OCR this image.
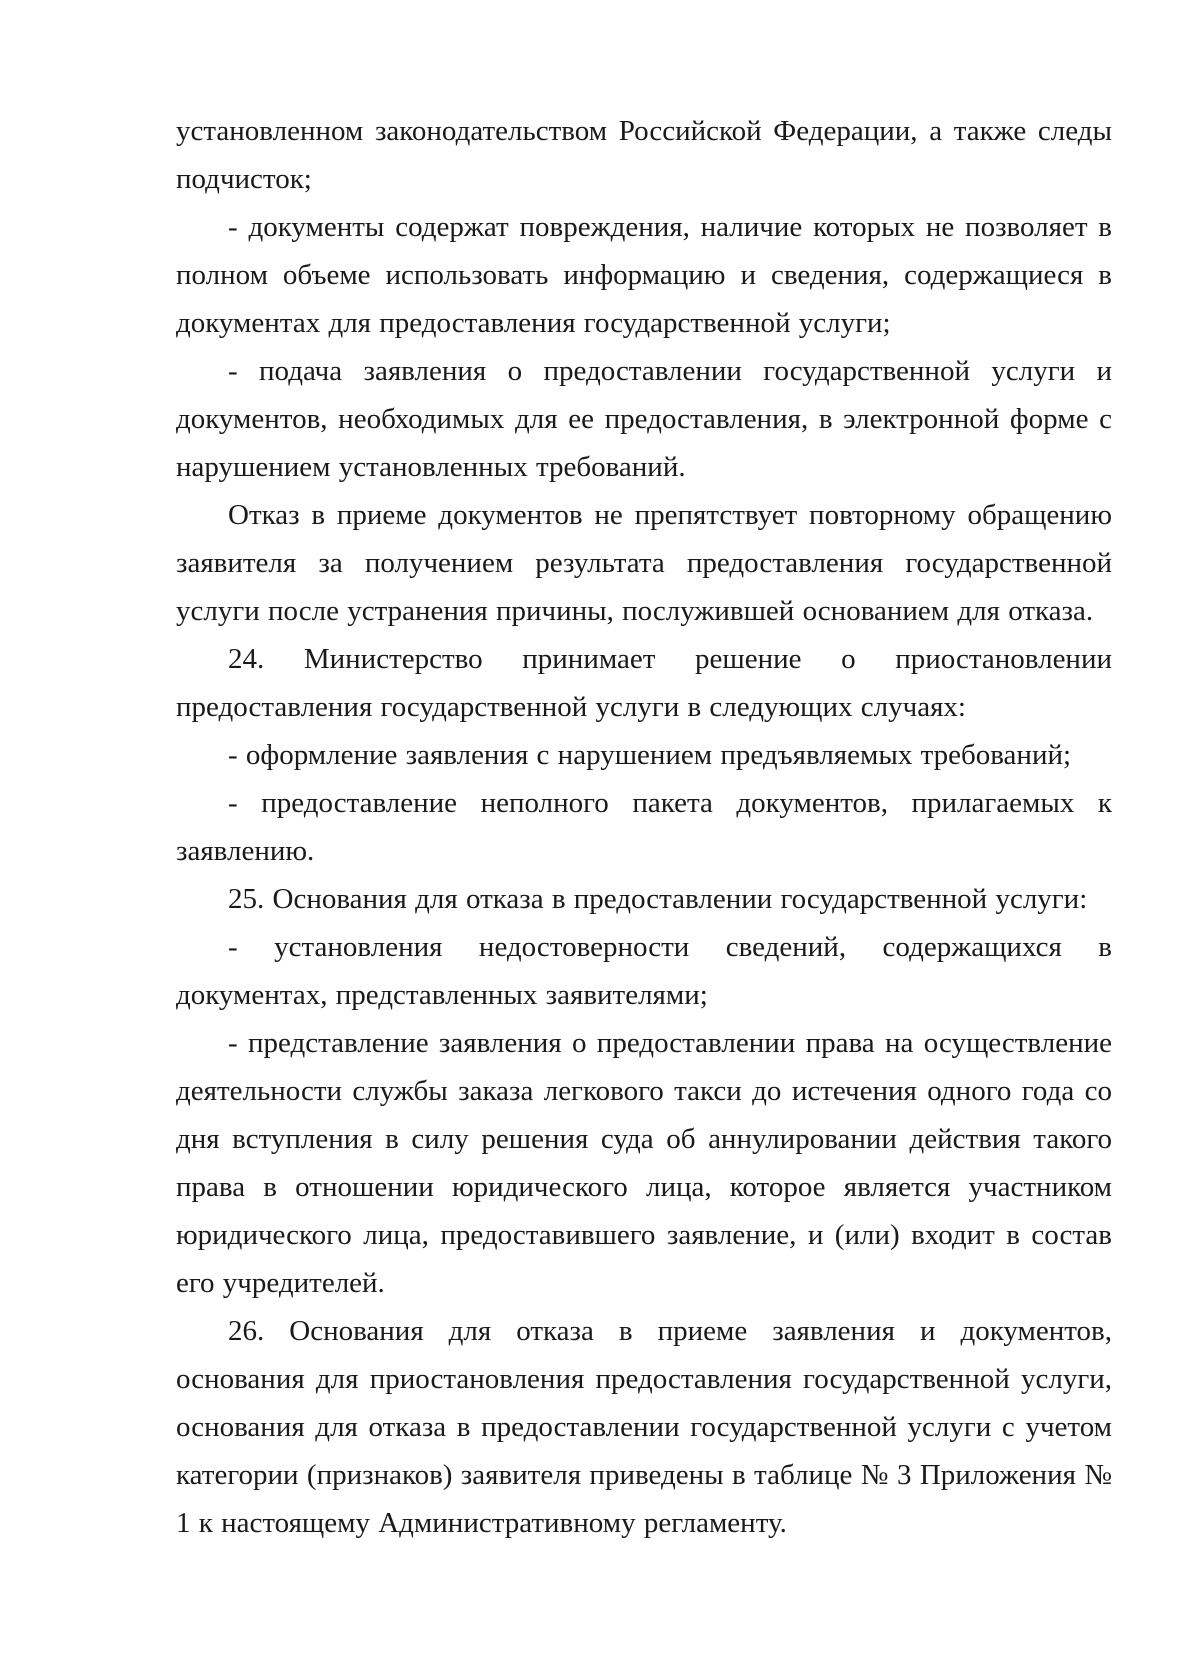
установленном законодательством Российской Федерации, а также следы подчисток;

- документы содержат повреждения, наличие которых не позволяет в полном объеме использовать информацию и сведения, содержащиеся в документах для предоставления государственной услуги;

- подача заявления о предоставлении государственной услуги и документов, необходимых для ее предоставления, в электронной форме с нарушением установленных требований.

Отказ в приеме документов не препятствует повторному обращению заявителя за получением результата предоставления государственной услуги после устранения причины, послужившей основанием для отказа.

24. Министерство принимает решение о приостановлении предоставления государственной услуги в следующих случаях:

- оформление заявления с нарушением предъявляемых требований;

- предоставление неполного пакета документов, прилагаемых к заявлению.

25. Основания для отказа в предоставлении государственной услуги:

- установления недостоверности сведений, содержащихся в документах, представленных заявителями;

- представление заявления о предоставлении права на осуществление деятельности службы заказа легкового такси до истечения одного года со дня вступления в силу решения суда об аннулировании действия такого права в отношении юридического лица, которое является участником юридического лица, предоставившего заявление, и (или) входит в состав его учредителей.

26. Основания для отказа в приеме заявления и документов, основания для приостановления предоставления государственной услуги, основания для отказа в предоставлении государственной услуги с учетом категории (признаков) заявителя приведены в таблице № 3 Приложения № 1 к настоящему Административному регламенту.
